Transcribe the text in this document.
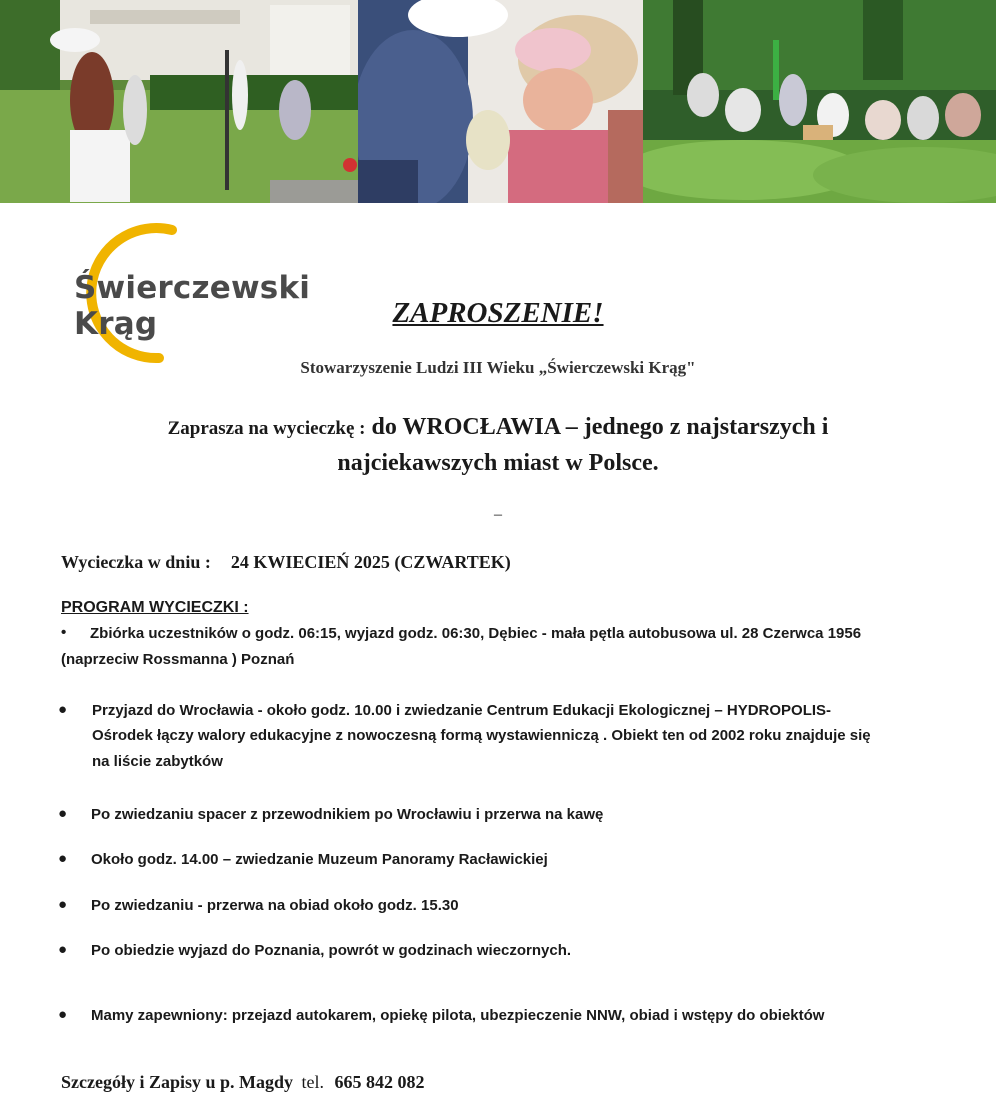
Świerczewski
Krąg	ZAPROSZENIE!
Stowarzyszenie Ludzi III Wieku „Świerczewski Krąg"
Zaprasza na wycieczkę : do WROCŁAWIA – jednego z najstarszych i
najciekawszych miast w Polsce.
–
Wycieczka w dniu : 24 KWIECIEŃ 2025 (CZWARTEK)
PROGRAM WYCIECZKI :
• Zbiórka uczestników o godz. 06:15, wyjazd godz. 06:30, Dębiec - mała pętla autobusowa ul. 28 Czerwca 1956
(naprzeciw Rossmanna ) Poznań
● Przyjazd do Wrocławia - około godz. 10.00 i zwiedzanie Centrum Edukacji Ekologicznej – HYDROPOLIS-
Ośrodek łączy walory edukacyjne z nowoczesną formą wystawienniczą . Obiekt ten od 2002 roku znajduje się
na liście zabytków
● Po zwiedzaniu spacer z przewodnikiem po Wrocławiu i przerwa na kawę
● Około godz. 14.00 – zwiedzanie Muzeum Panoramy Racławickiej
● Po zwiedzaniu - przerwa na obiad około godz. 15.30
● Po obiedzie wyjazd do Poznania, powrót w godzinach wieczornych.
● Mamy zapewniony: przejazd autokarem, opiekę pilota, ubezpieczenie NNW, obiad i wstępy do obiektów
Szczegóły i Zapisy u p. Magdy tel. 665 842 082
